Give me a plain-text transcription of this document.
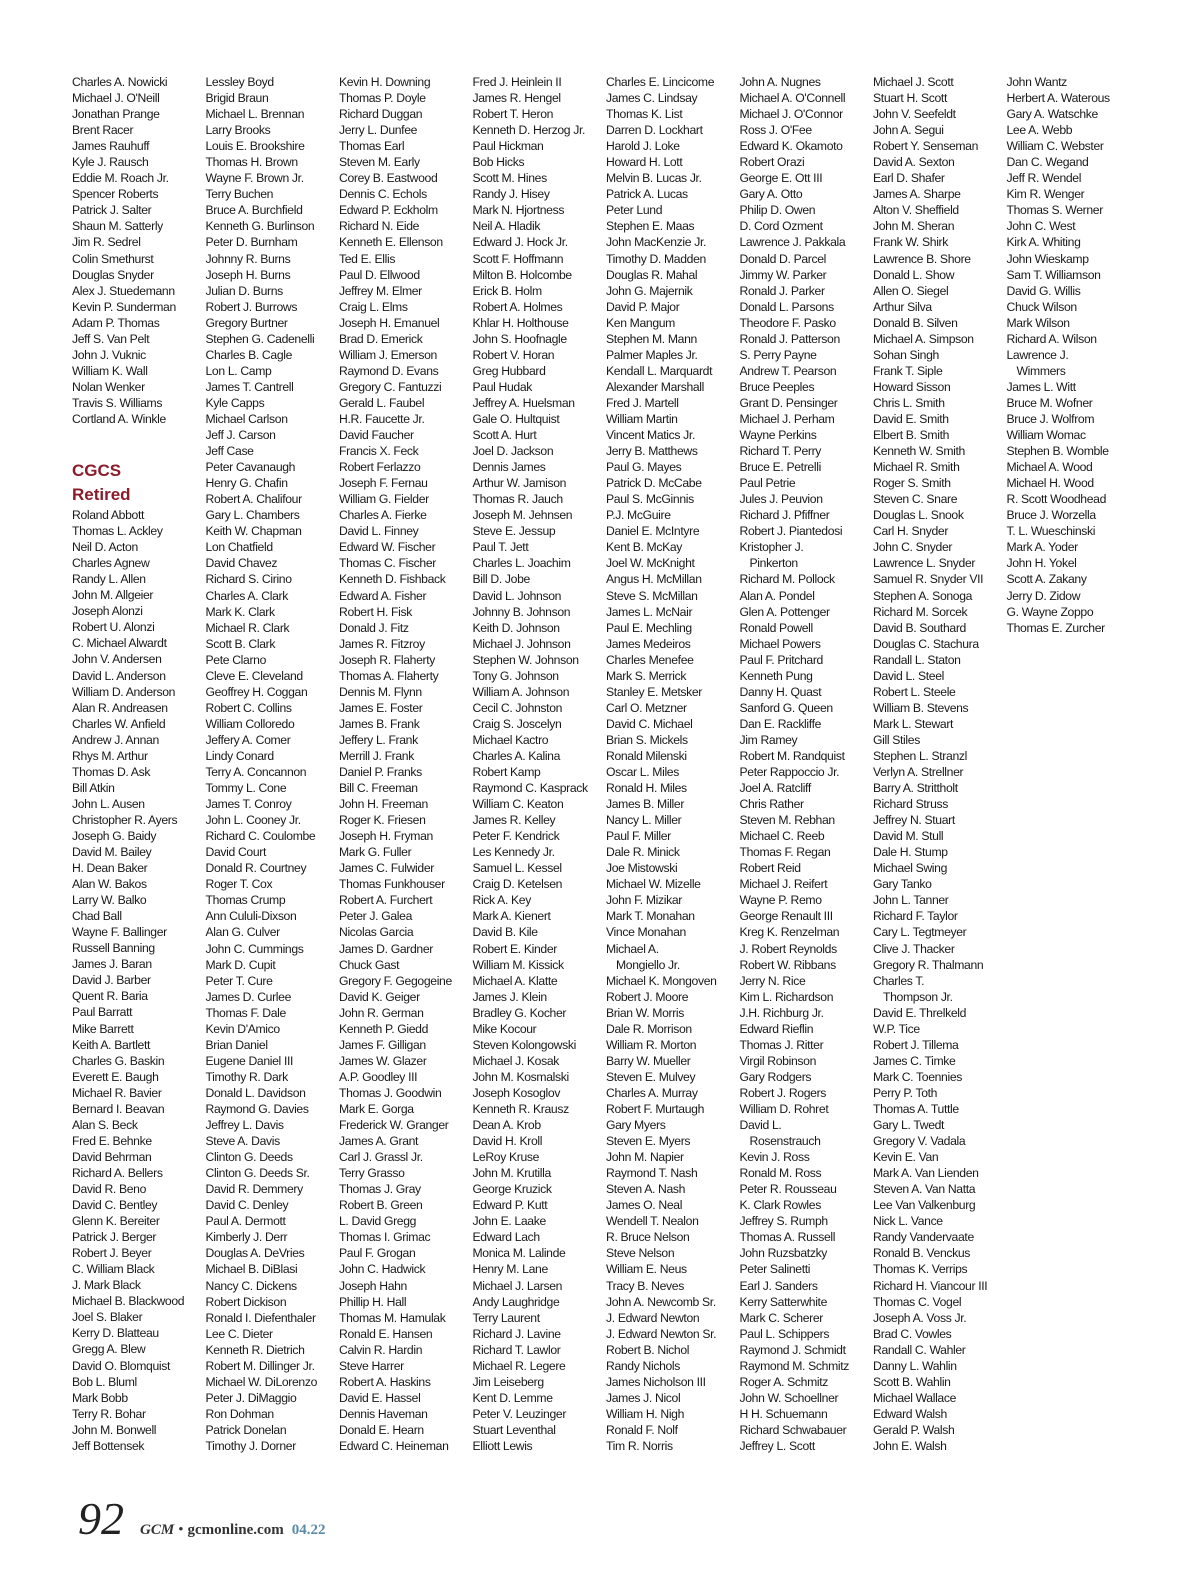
Charles A. Nowicki
Michael J. O'Neill
Jonathan Prange
Brent Racer
James Rauhuff
Kyle J. Rausch
Eddie M. Roach Jr.
Spencer Roberts
Patrick J. Salter
Shaun M. Satterly
Jim R. Sedrel
Colin Smethurst
Douglas Snyder
Alex J. Stuedemann
Kevin P. Sunderman
Adam P. Thomas
Jeff S. Van Pelt
John J. Vuknic
William K. Wall
Nolan Wenker
Travis S. Williams
Cortland A. Winkle
CGCS
Retired
Roland Abbott
Thomas L. Ackley
Neil D. Acton
Charles Agnew
Randy L. Allen
John M. Allgeier
Joseph Alonzi
Robert U. Alonzi
C. Michael Alwardt
John V. Andersen
David L. Anderson
William D. Anderson
Alan R. Andreasen
Charles W. Anfield
Andrew J. Annan
Rhys M. Arthur
Thomas D. Ask
Bill Atkin
John L. Ausen
Christopher R. Ayers
Joseph G. Baidy
David M. Bailey
H. Dean Baker
Alan W. Bakos
Larry W. Balko
Chad Ball
Wayne F. Ballinger
Russell Banning
James J. Baran
David J. Barber
Quent R. Baria
Paul Barratt
Mike Barrett
Keith A. Bartlett
Charles G. Baskin
Everett E. Baugh
Michael R. Bavier
Bernard I. Beavan
Alan S. Beck
Fred E. Behnke
David Behrman
Richard A. Bellers
David R. Beno
David C. Bentley
Glenn K. Bereiter
Patrick J. Berger
Robert J. Beyer
C. William Black
J. Mark Black
Michael B. Blackwood
Joel S. Blaker
Kerry D. Blatteau
Gregg A. Blew
David O. Blomquist
Bob L. Bluml
Mark Bobb
Terry R. Bohar
John M. Bonwell
Jeff Bottensek
Lessley Boyd
Brigid Braun
Michael L. Brennan
Larry Brooks
Louis E. Brookshire
Thomas H. Brown
Wayne F. Brown Jr.
Terry Buchen
Bruce A. Burchfield
Kenneth G. Burlinson
Peter D. Burnham
Johnny R. Burns
Joseph H. Burns
Julian D. Burns
Robert J. Burrows
Gregory Burtner
Stephen G. Cadenelli
Charles B. Cagle
Lon L. Camp
James T. Cantrell
Kyle Capps
Michael Carlson
Jeff J. Carson
Jeff Case
Peter Cavanaugh
Henry G. Chafin
Robert A. Chalifour
Gary L. Chambers
Keith W. Chapman
Lon Chatfield
David Chavez
Richard S. Cirino
Charles A. Clark
Mark K. Clark
Michael R. Clark
Scott B. Clark
Pete Clarno
Cleve E. Cleveland
Geoffrey H. Coggan
Robert C. Collins
William Colloredo
Jeffery A. Comer
Lindy Conard
Terry A. Concannon
Tommy L. Cone
James T. Conroy
John L. Cooney Jr.
Richard C. Coulombe
David Court
Donald R. Courtney
Roger T. Cox
Thomas Crump
Ann Cululi-Dixson
Alan G. Culver
John C. Cummings
Mark D. Cupit
Peter T. Cure
James D. Curlee
Thomas F. Dale
Kevin D'Amico
Brian Daniel
Eugene Daniel III
Timothy R. Dark
Donald L. Davidson
Raymond G. Davies
Jeffrey L. Davis
Steve A. Davis
Clinton G. Deeds
Clinton G. Deeds Sr.
David R. Demmery
David C. Denley
Paul A. Dermott
Kimberly J. Derr
Douglas A. DeVries
Michael B. DiBlasi
Nancy C. Dickens
Robert Dickison
Ronald I. Diefenthaler
Lee C. Dieter
Kenneth R. Dietrich
Robert M. Dillinger Jr.
Michael W. DiLorenzo
Peter J. DiMaggio
Ron Dohman
Patrick Donelan
Timothy J. Dorner
Kevin H. Downing
Thomas P. Doyle
Richard Duggan
Jerry L. Dunfee
Thomas Earl
Steven M. Early
Corey B. Eastwood
Dennis C. Echols
Edward P. Eckholm
Richard N. Eide
Kenneth E. Ellenson
Ted E. Ellis
Paul D. Ellwood
Jeffrey M. Elmer
Craig L. Elms
Joseph H. Emanuel
Brad D. Emerick
William J. Emerson
Raymond D. Evans
Gregory C. Fantuzzi
Gerald L. Faubel
H.R. Faucette Jr.
David Faucher
Francis X. Feck
Robert Ferlazzo
Joseph F. Fernau
William G. Fielder
Charles A. Fierke
David L. Finney
Edward W. Fischer
Thomas C. Fischer
Kenneth D. Fishback
Edward A. Fisher
Robert H. Fisk
Donald J. Fitz
James R. Fitzroy
Joseph R. Flaherty
Thomas A. Flaherty
Dennis M. Flynn
James E. Foster
James B. Frank
Jeffery L. Frank
Merrill J. Frank
Daniel P. Franks
Bill C. Freeman
John H. Freeman
Roger K. Friesen
Joseph H. Fryman
Mark G. Fuller
James C. Fulwider
Thomas Funkhouser
Robert A. Furchert
Peter J. Galea
Nicolas Garcia
James D. Gardner
Chuck Gast
Gregory F. Gegogeine
David K. Geiger
John R. German
Kenneth P. Giedd
James F. Gilligan
James W. Glazer
A.P. Goodley III
Thomas J. Goodwin
Mark E. Gorga
Frederick W. Granger
James A. Grant
Carl J. Grassl Jr.
Terry Grasso
Thomas J. Gray
Robert B. Green
L. David Gregg
Thomas I. Grimac
Paul F. Grogan
John C. Hadwick
Joseph Hahn
Phillip H. Hall
Thomas M. Hamulak
Ronald E. Hansen
Calvin R. Hardin
Steve Harrer
Robert A. Haskins
David E. Hassel
Dennis Haveman
Donald E. Hearn
Edward C. Heineman
Fred J. Heinlein II
James R. Hengel
Robert T. Heron
Kenneth D. Herzog Jr.
Paul Hickman
Bob Hicks
Scott M. Hines
Randy J. Hisey
Mark N. Hjortness
Neil A. Hladik
Edward J. Hock Jr.
Scott F. Hoffmann
Milton B. Holcombe
Erick B. Holm
Robert A. Holmes
Khlar H. Holthouse
John S. Hoofnagle
Robert V. Horan
Greg Hubbard
Paul Hudak
Jeffrey A. Huelsman
Gale O. Hultquist
Scott A. Hurt
Joel D. Jackson
Dennis James
Arthur W. Jamison
Thomas R. Jauch
Joseph M. Jehnsen
Steve E. Jessup
Paul T. Jett
Charles L. Joachim
Bill D. Jobe
David L. Johnson
Johnny B. Johnson
Keith D. Johnson
Michael J. Johnson
Stephen W. Johnson
Tony G. Johnson
William A. Johnson
Cecil C. Johnston
Craig S. Joscelyn
Michael Kactro
Charles A. Kalina
Robert Kamp
Raymond C. Kasprack
William C. Keaton
James R. Kelley
Peter F. Kendrick
Les Kennedy Jr.
Samuel L. Kessel
Craig D. Ketelsen
Rick A. Key
Mark A. Kienert
David B. Kile
Robert E. Kinder
William M. Kissick
Michael A. Klatte
James J. Klein
Bradley G. Kocher
Mike Kocour
Steven Kolongowski
Michael J. Kosak
John M. Kosmalski
Joseph Kosoglov
Kenneth R. Krausz
Dean A. Krob
David H. Kroll
LeRoy Kruse
John M. Krutilla
George Kruzick
Edward P. Kutt
John E. Laake
Edward Lach
Monica M. Lalinde
Henry M. Lane
Michael J. Larsen
Andy Laughridge
Terry Laurent
Richard J. Lavine
Richard T. Lawlor
Michael R. Legere
Jim Leiseberg
Kent D. Lemme
Peter V. Leuzinger
Stuart Leventhal
Elliott Lewis
Charles E. Lincicome
James C. Lindsay
Thomas K. List
Darren D. Lockhart
Harold J. Loke
Howard H. Lott
Melvin B. Lucas Jr.
Patrick A. Lucas
Peter Lund
Stephen E. Maas
John MacKenzie Jr.
Timothy D. Madden
Douglas R. Mahal
John G. Majernik
David P. Major
Ken Mangum
Stephen M. Mann
Palmer Maples Jr.
Kendall L. Marquardt
Alexander Marshall
Fred J. Martell
William Martin
Vincent Matics Jr.
Jerry B. Matthews
Paul G. Mayes
Patrick D. McCabe
Paul S. McGinnis
P.J. McGuire
Daniel E. McIntyre
Kent B. McKay
Joel W. McKnight
Angus H. McMillan
Steve S. McMillan
James L. McNair
Paul E. Mechling
James Medeiros
Charles Menefee
Mark S. Merrick
Stanley E. Metsker
Carl O. Metzner
David C. Michael
Brian S. Mickels
Ronald Milenski
Oscar L. Miles
Ronald H. Miles
James B. Miller
Nancy L. Miller
Paul F. Miller
Dale R. Minick
Joe Mistowski
Michael W. Mizelle
John F. Mizikar
Mark T. Monahan
Vince Monahan
Michael A.
Mongiello Jr.
Michael K. Mongoven
Robert J. Moore
Brian W. Morris
Dale R. Morrison
William R. Morton
Barry W. Mueller
Steven E. Mulvey
Charles A. Murray
Robert F. Murtaugh
Gary Myers
Steven E. Myers
John M. Napier
Raymond T. Nash
Steven A. Nash
James O. Neal
Wendell T. Nealon
R. Bruce Nelson
Steve Nelson
William E. Neus
Tracy B. Neves
John A. Newcomb Sr.
J. Edward Newton
J. Edward Newton Sr.
Robert B. Nichol
Randy Nichols
James Nicholson III
James J. Nicol
William H. Nigh
Ronald F. Nolf
Tim R. Norris
John A. Nugnes
Michael A. O'Connell
Michael J. O'Connor
Ross J. O'Fee
Edward K. Okamoto
Robert Orazi
George E. Ott III
Gary A. Otto
Philip D. Owen
D. Cord Ozment
Lawrence J. Pakkala
Donald D. Parcel
Jimmy W. Parker
Ronald J. Parker
Donald L. Parsons
Theodore F. Pasko
Ronald J. Patterson
S. Perry Payne
Andrew T. Pearson
Bruce Peeples
Grant D. Pensinger
Michael J. Perham
Wayne Perkins
Richard T. Perry
Bruce E. Petrelli
Paul Petrie
Jules J. Peuvion
Richard J. Pfiffner
Robert J. Piantedosi
Kristopher J.
Pinkerton
Richard M. Pollock
Alan A. Pondel
Glen A. Pottenger
Ronald Powell
Michael Powers
Paul F. Pritchard
Kenneth Pung
Danny H. Quast
Sanford G. Queen
Dan E. Rackliffe
Jim Ramey
Robert M. Randquist
Peter Rappoccio Jr.
Joel A. Ratcliff
Chris Rather
Steven M. Rebhan
Michael C. Reeb
Thomas F. Regan
Robert Reid
Michael J. Reifert
Wayne P. Remo
George Renault III
Kreg K. Renzelman
J. Robert Reynolds
Robert W. Ribbans
Jerry N. Rice
Kim L. Richardson
J.H. Richburg Jr.
Edward Rieflin
Thomas J. Ritter
Virgil Robinson
Gary Rodgers
Robert J. Rogers
William D. Rohret
David L.
Rosenstrauch
Kevin J. Ross
Ronald M. Ross
Peter R. Rousseau
K. Clark Rowles
Jeffrey S. Rumph
Thomas A. Russell
John Ruzsbatzky
Peter Salinetti
Earl J. Sanders
Kerry Satterwhite
Mark C. Scherer
Paul L. Schippers
Raymond J. Schmidt
Raymond M. Schmitz
Roger A. Schmitz
John W. Schoellner
H H. Schuemann
Richard Schwabauer
Jeffrey L. Scott
Michael J. Scott
Stuart H. Scott
John V. Seefeldt
John A. Segui
Robert Y. Senseman
David A. Sexton
Earl D. Shafer
James A. Sharpe
Alton V. Sheffield
John M. Sheran
Frank W. Shirk
Lawrence B. Shore
Donald L. Show
Allen O. Siegel
Arthur Silva
Donald B. Silven
Michael A. Simpson
Sohan Singh
Frank T. Siple
Howard Sisson
Chris L. Smith
David E. Smith
Elbert B. Smith
Kenneth W. Smith
Michael R. Smith
Roger S. Smith
Steven C. Snare
Douglas L. Snook
Carl H. Snyder
John C. Snyder
Lawrence L. Snyder
Samuel R. Snyder VII
Stephen A. Sonoga
Richard M. Sorcek
David B. Southard
Douglas C. Stachura
Randall L. Staton
David L. Steel
Robert L. Steele
William B. Stevens
Mark L. Stewart
Gill Stiles
Stephen L. Stranzl
Verlyn A. Strellner
Barry A. Strittholt
Richard Struss
Jeffrey N. Stuart
David M. Stull
Dale H. Stump
Michael Swing
Gary Tanko
John L. Tanner
Richard F. Taylor
Cary L. Tegtmeyer
Clive J. Thacker
Gregory R. Thalmann
Charles T.
Thompson Jr.
David E. Threlkeld
W.P. Tice
Robert J. Tillema
James C. Timke
Mark C. Toennies
Perry P. Toth
Thomas A. Tuttle
Gary L. Twedt
Gregory V. Vadala
Kevin E. Van
Mark A. Van Lienden
Steven A. Van Natta
Lee Van Valkenburg
Nick L. Vance
Randy Vandervaate
Ronald B. Venckus
Thomas K. Verrips
Richard H. Viancour III
Thomas C. Vogel
Joseph A. Voss Jr.
Brad C. Vowles
Randall C. Wahler
Danny L. Wahlin
Scott B. Wahlin
Michael Wallace
Edward Walsh
Gerald P. Walsh
John E. Walsh
John Wantz
Herbert A. Waterous
Gary A. Watschke
Lee A. Webb
William C. Webster
Dan C. Wegand
Jeff R. Wendel
Kim R. Wenger
Thomas S. Werner
John C. West
Kirk A. Whiting
John Wieskamp
Sam T. Williamson
David G. Willis
Chuck Wilson
Mark Wilson
Richard A. Wilson
Lawrence J.
Wimmers
James L. Witt
Bruce M. Wofner
Bruce J. Wolfrom
William Womac
Stephen B. Womble
Michael A. Wood
Michael H. Wood
R. Scott Woodhead
Bruce J. Worzella
T. L. Wueschinski
Mark A. Yoder
John H. Yokel
Scott A. Zakany
Jerry D. Zidow
G. Wayne Zoppo
Thomas E. Zurcher
92 GCM • gcmonline.com 04.22
